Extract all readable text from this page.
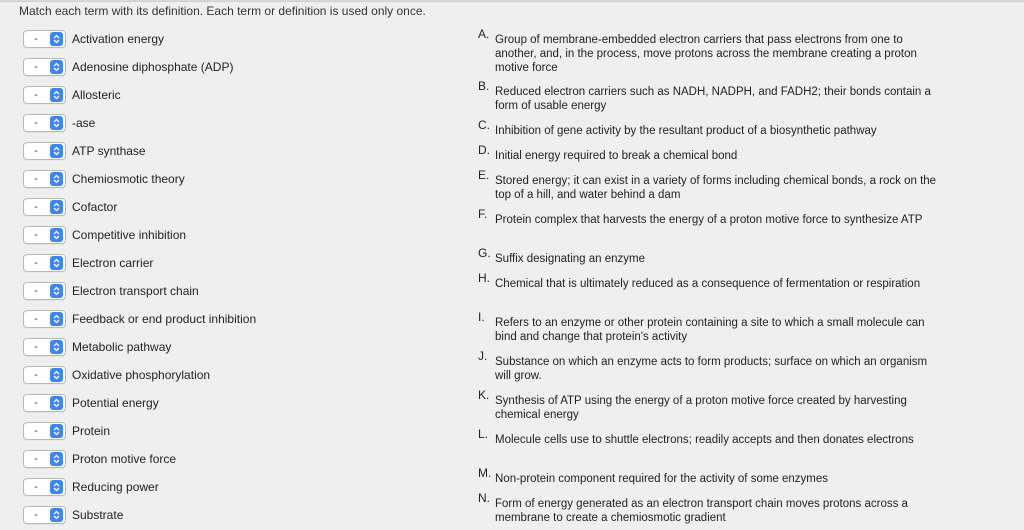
Match each term with its definition. Each term or definition is used only once.
-	Activation energy
-	Adenosine diphosphate (ADP)
-	Allosteric
-	-ase
-	ATP synthase
-	Chemiosmotic theory
-	Cofactor
-	Competitive inhibition
-	Electron carrier
-	Electron transport chain
-	Feedback or end product inhibition
-	Metabolic pathway
-	Oxidative phosphorylation
-	Potential energy
-	Protein
-	Proton motive force
-	Reducing power
-	Substrate
A. Group of membrane-embedded electron carriers that pass electrons from one to another, and, in the process, move protons across the membrane creating a proton motive force
B. Reduced electron carriers such as NADH, NADPH, and FADH2; their bonds contain a form of usable energy
C. Inhibition of gene activity by the resultant product of a biosynthetic pathway
D. Initial energy required to break a chemical bond
E. Stored energy; it can exist in a variety of forms including chemical bonds, a rock on the top of a hill, and water behind a dam
F. Protein complex that harvests the energy of a proton motive force to synthesize ATP
G. Suffix designating an enzyme
H. Chemical that is ultimately reduced as a consequence of fermentation or respiration
I. Refers to an enzyme or other protein containing a site to which a small molecule can bind and change that protein's activity
J. Substance on which an enzyme acts to form products; surface on which an organism will grow.
K. Synthesis of ATP using the energy of a proton motive force created by harvesting chemical energy
L. Molecule cells use to shuttle electrons; readily accepts and then donates electrons
M. Non-protein component required for the activity of some enzymes
N. Form of energy generated as an electron transport chain moves protons across a membrane to create a chemiosmotic gradient
